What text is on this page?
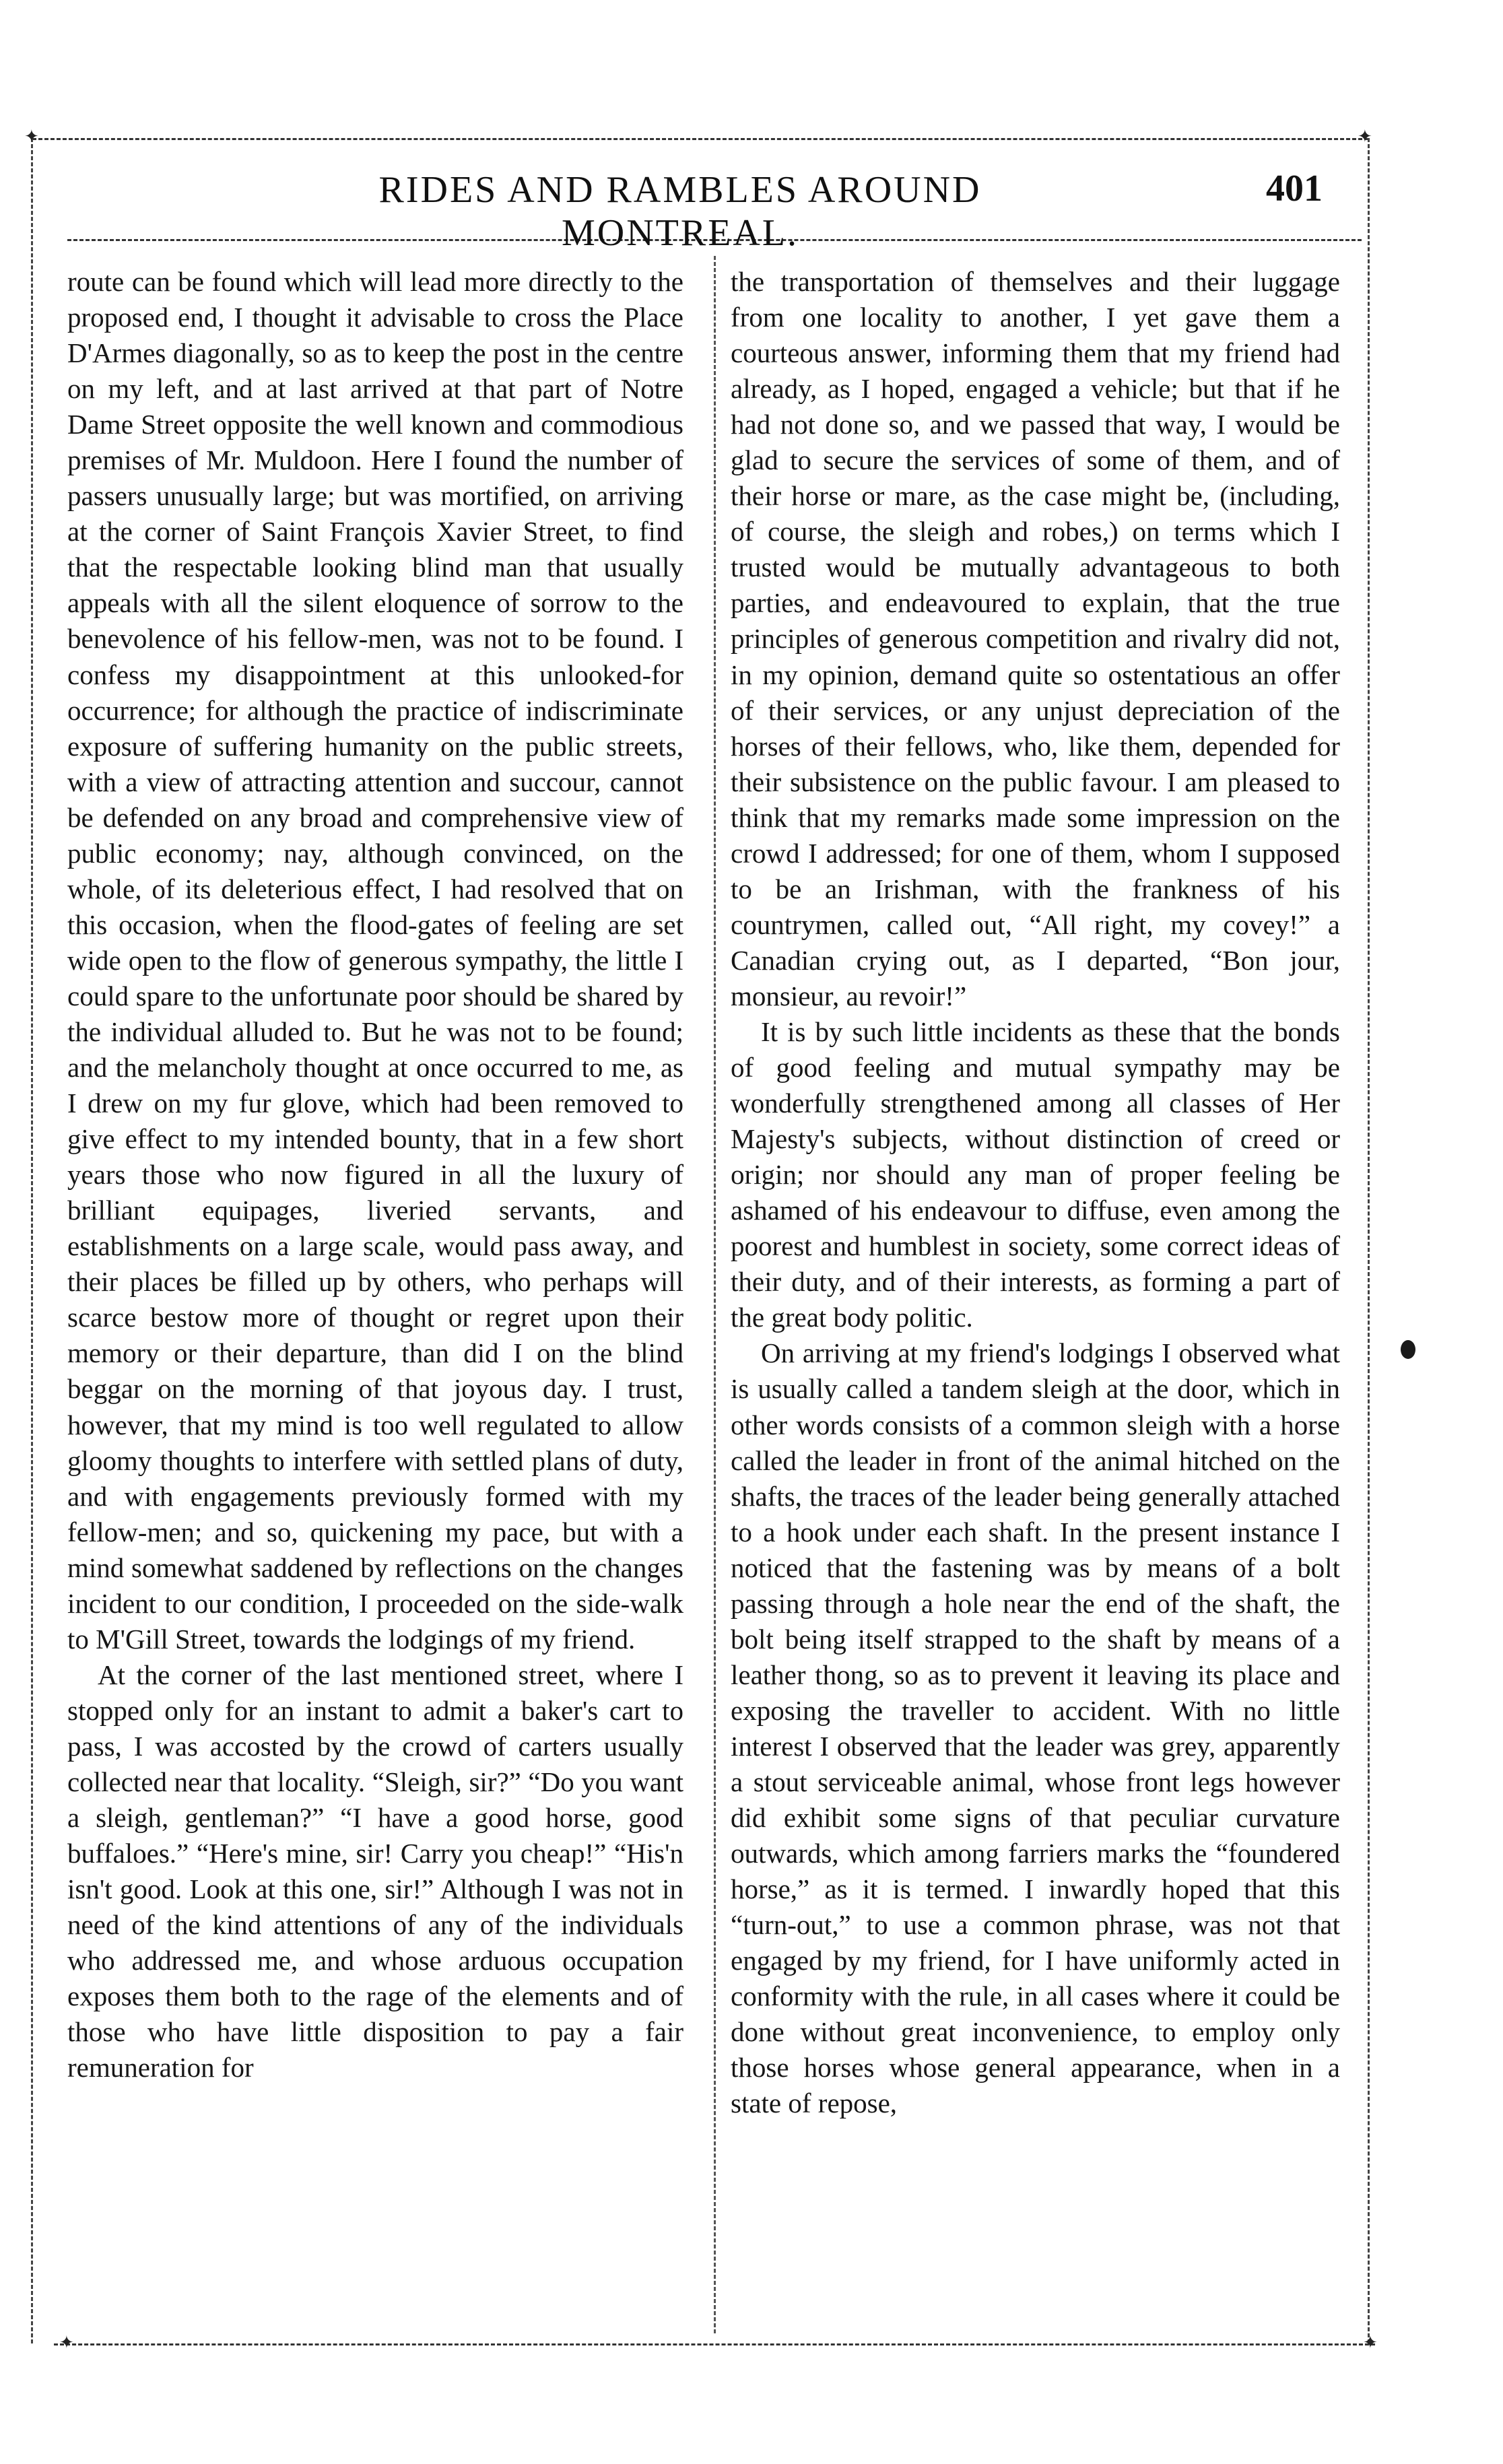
✦	✦
✦	✦
RIDES AND RAMBLES AROUND MONTREAL.
401

route can be found which will lead more directly to the proposed end, I thought it advisable to cross the Place D'Armes diagonally, so as to keep the post in the centre on my left, and at last arrived at that part of Notre Dame Street opposite the well known and commodious premises of Mr. Muldoon. Here I found the number of passers unusually large; but was mortified, on arriving at the corner of Saint François Xavier Street, to find that the respectable looking blind man that usually appeals with all the silent eloquence of sorrow to the benevolence of his fellow-men, was not to be found. I confess my disappointment at this unlooked-for occurrence; for although the practice of indiscriminate exposure of suffering humanity on the public streets, with a view of attracting attention and succour, cannot be defended on any broad and comprehensive view of public economy; nay, although convinced, on the whole, of its deleterious effect, I had resolved that on this occasion, when the flood-gates of feeling are set wide open to the flow of generous sympathy, the little I could spare to the unfortunate poor should be shared by the individual alluded to. But he was not to be found; and the melancholy thought at once occurred to me, as I drew on my fur glove, which had been removed to give effect to my intended bounty, that in a few short years those who now figured in all the luxury of brilliant equipages, liveried servants, and establishments on a large scale, would pass away, and their places be filled up by others, who perhaps will scarce bestow more of thought or regret upon their memory or their departure, than did I on the blind beggar on the morning of that joyous day. I trust, however, that my mind is too well regulated to allow gloomy thoughts to interfere with settled plans of duty, and with engagements previously formed with my fellow-men; and so, quickening my pace, but with a mind somewhat saddened by reflections on the changes incident to our condition, I proceeded on the side-walk to M'Gill Street, towards the lodgings of my friend.

At the corner of the last mentioned street, where I stopped only for an instant to admit a baker's cart to pass, I was accosted by the crowd of carters usually collected near that locality. “Sleigh, sir?” “Do you want a sleigh, gentleman?” “I have a good horse, good buffaloes.” “Here's mine, sir! Carry you cheap!” “His'n isn't good. Look at this one, sir!” Although I was not in need of the kind attentions of any of the individuals who addressed me, and whose arduous occupation exposes them both to the rage of the elements and of those who have little disposition to pay a fair remuneration for

the transportation of themselves and their luggage from one locality to another, I yet gave them a courteous answer, informing them that my friend had already, as I hoped, engaged a vehicle; but that if he had not done so, and we passed that way, I would be glad to secure the services of some of them, and of their horse or mare, as the case might be, (including, of course, the sleigh and robes,) on terms which I trusted would be mutually advantageous to both parties, and endeavoured to explain, that the true principles of generous competition and rivalry did not, in my opinion, demand quite so ostentatious an offer of their services, or any unjust depreciation of the horses of their fellows, who, like them, depended for their subsistence on the public favour. I am pleased to think that my remarks made some impression on the crowd I addressed; for one of them, whom I supposed to be an Irishman, with the frankness of his countrymen, called out, “All right, my covey!” a Canadian crying out, as I departed, “Bon jour, monsieur, au revoir!”

It is by such little incidents as these that the bonds of good feeling and mutual sympathy may be wonderfully strengthened among all classes of Her Majesty's subjects, without distinction of creed or origin; nor should any man of proper feeling be ashamed of his endeavour to diffuse, even among the poorest and humblest in society, some correct ideas of their duty, and of their interests, as forming a part of the great body politic.

On arriving at my friend's lodgings I observed what is usually called a tandem sleigh at the door, which in other words consists of a common sleigh with a horse called the leader in front of the animal hitched on the shafts, the traces of the leader being generally attached to a hook under each shaft. In the present instance I noticed that the fastening was by means of a bolt passing through a hole near the end of the shaft, the bolt being itself strapped to the shaft by means of a leather thong, so as to prevent it leaving its place and exposing the traveller to accident. With no little interest I observed that the leader was grey, apparently a stout serviceable animal, whose front legs however did exhibit some signs of that peculiar curvature outwards, which among farriers marks the “foundered horse,” as it is termed. I inwardly hoped that this “turn-out,” to use a common phrase, was not that engaged by my friend, for I have uniformly acted in conformity with the rule, in all cases where it could be done without great inconvenience, to employ only those horses whose general appearance, when in a state of repose,
